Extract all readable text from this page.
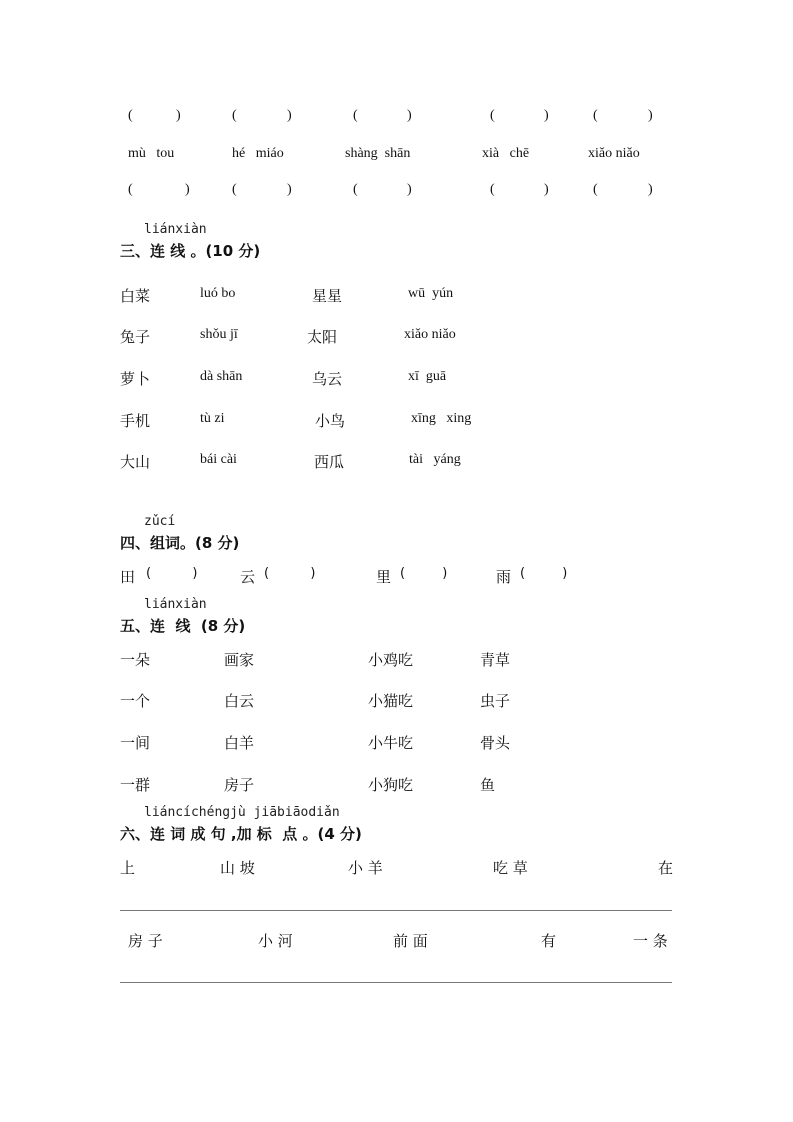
(	)	(	)	(	)	(	)	(	)
mù   tou	hé   miáo	shàng  shān	xià   chē	xiǎo niǎo
(	)	(	)	(	)	(	)	(	)
liánxiàn
三、连 线 。(10 分)
白菜	luó bo	星星	wū  yún
兔子	shǒu jī	太阳	xiǎo niǎo
萝卜	dà shān	乌云	xī  guā
手机	tù zi	小鸟	xīng   xing
大山	bái cài	西瓜	tài   yáng
zǔcí
四、组词。(8 分)
田 (          )	云 (          )	里 (         )	雨 (         )
liánxiàn
五、连  线  (8 分)
一朵	画家	小鸡吃	青草
一个	白云	小猫吃	虫子
一间	白羊	小牛吃	骨头
一群	房子	小狗吃	鱼
liáncíchéngjù jiābiāodiǎn
六、连 词 成 句 ,加 标  点 。(4 分)
上	山 坡	小 羊	吃 草	在
房 子	小 河	前 面	有	一 条
